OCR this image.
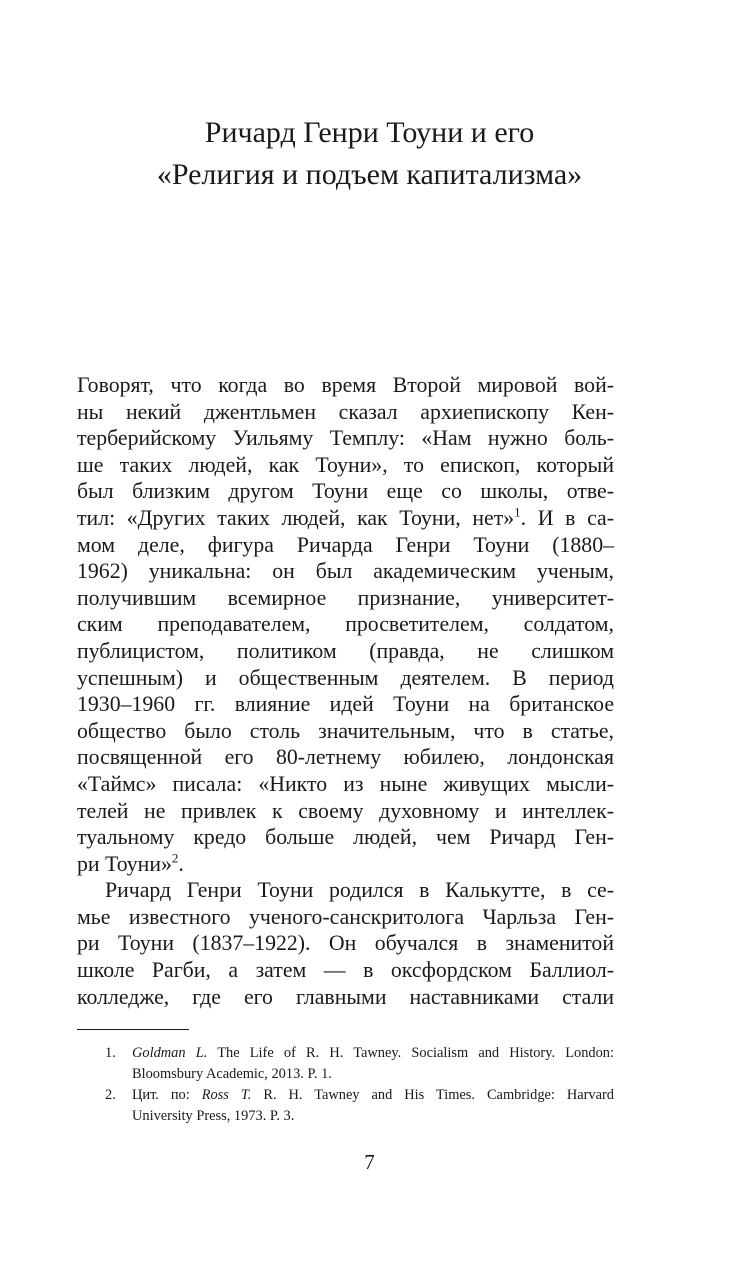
Ричард Генри Тоуни и его
«Религия и подъем капитализма»

Говорят, что когда во время Второй мировой вой-
ны некий джентльмен сказал архиепископу Кен-
терберийскому Уильяму Темплу: «Нам нужно боль-
ше таких людей, как Тоуни», то епископ, который
был близким другом Тоуни еще со школы, отве-
тил: «Других таких людей, как Тоуни, нет»$^1$. И в са-
мом деле, фигура Ричарда Генри Тоуни (1880–
1962) уникальна: он был академическим ученым,
получившим всемирное признание, университет-
ским преподавателем, просветителем, солдатом,
публицистом, политиком (правда, не слишком
успешным) и общественным деятелем. В период
1930–1960 гг. влияние идей Тоуни на британское
общество было столь значительным, что в статье,
посвященной его 80-летнему юбилею, лондонская
«Таймс» писала: «Никто из ныне живущих мысли-
телей не привлек к своему духовному и интеллек-
туальному кредо больше людей, чем Ричард Ген-
ри Тоуни»$^2$.

Ричард Генри Тоуни родился в Калькутте, в се-
мье известного ученого-санскритолога Чарльза Ген-
ри Тоуни (1837–1922). Он обучался в знаменитой
школе Рагби, а затем — в оксфордском Баллиол-
колледже, где его главными наставниками стали

1. Goldman L. The Life of R. H. Tawney. Socialism and History. London:
Bloomsbury Academic, 2013. P. 1.
2. Цит. по: Ross T. R. H. Tawney and His Times. Cambridge: Harvard
University Press, 1973. P. 3.
7
